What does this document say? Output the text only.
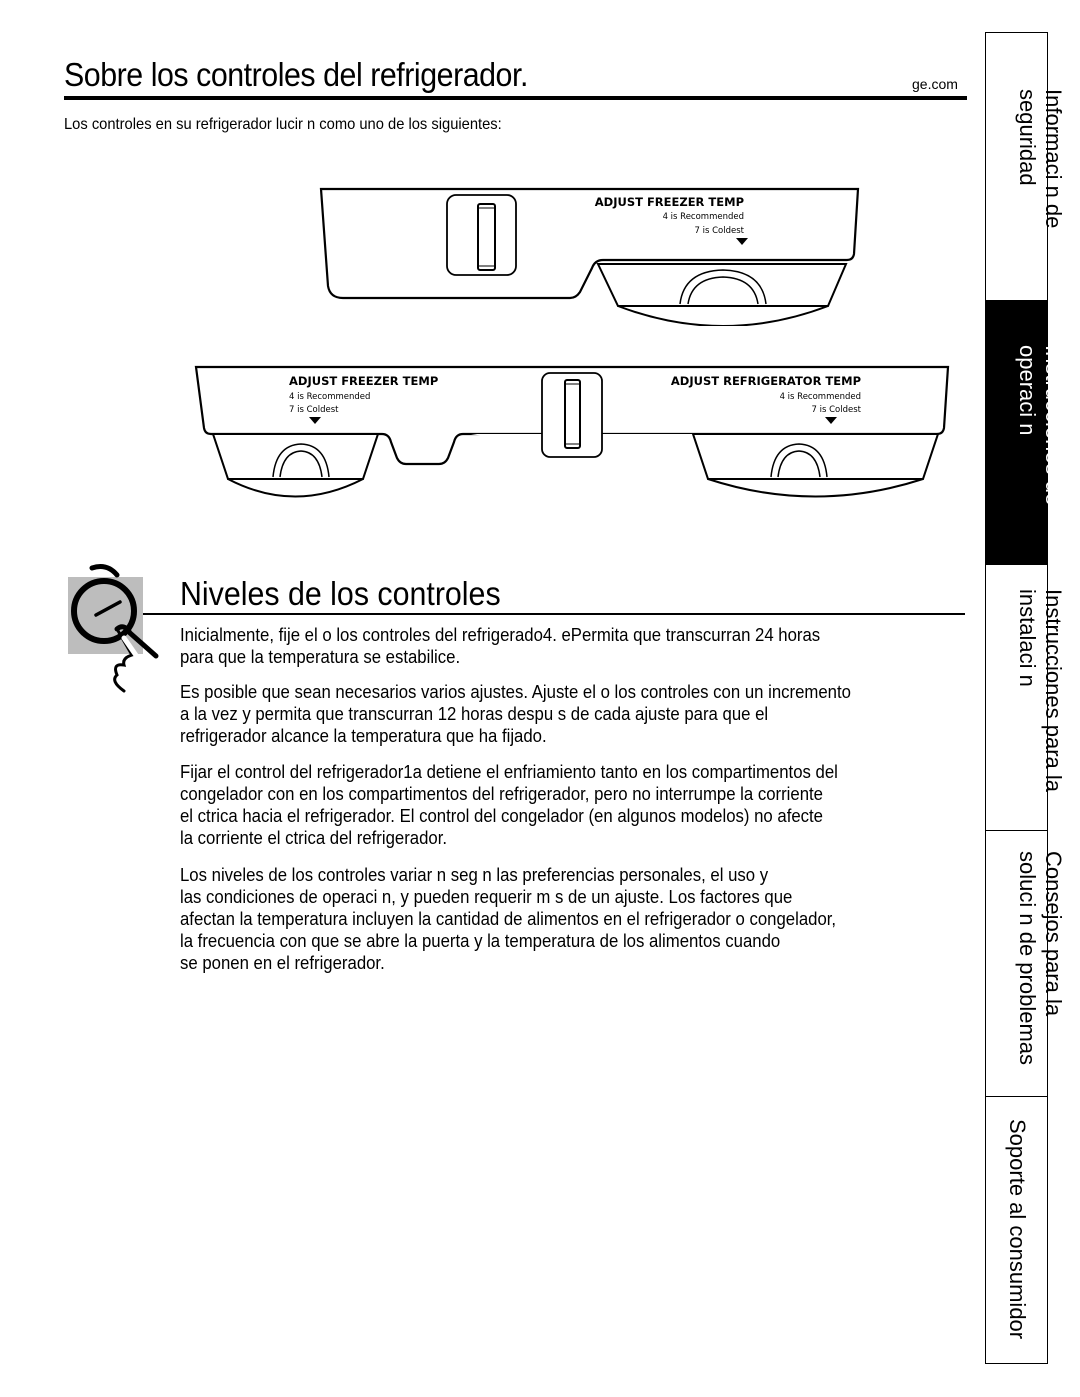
Sobre los controles del refrigerador.	ge.com
Los controles en su refrigerador lucir n como uno de los siguientes:
ADJUST FREEZER TEMP
4 is Recommended
7 is Coldest
ADJUST FREEZER TEMP
4 is Recommended
7 is Coldest
ADJUST REFRIGERATOR TEMP
4 is Recommended
7 is Coldest
Niveles de los controles

Inicialmente, fije el o los controles del refrigerado4. ePermita que transcurran 24 horas

para que la temperatura se estabilice.

Es posible que sean necesarios varios ajustes. Ajuste el o los controles con un incremento

a la vez y permita que transcurran 12 horas despu s de cada ajuste para que el

refrigerador alcance la temperatura que ha fijado.

Fijar el control del refrigerador1a detiene el enfriamiento tanto en los compartimentos del

congelador con en los compartimentos del refrigerador, pero no interrumpe la corriente

el ctrica hacia el refrigerador. El control del congelador (en algunos modelos) no afecte

la corriente el ctrica del refrigerador.

Los niveles de los controles variar n seg n las preferencias personales, el uso y

las condiciones de operaci n, y pueden requerir m s de un ajuste. Los factores que

afectan la temperatura incluyen la cantidad de alimentos en el refrigerador o congelador,

la frecuencia con que se abre la puerta y la temperatura de los alimentos cuando

se ponen en el refrigerador.

Informaci n de
seguridad
Instrucciones de
operaci n
Instrucciones para la
instalaci n
Consejos para la
soluci n de problemas
Soporte al consumidor
